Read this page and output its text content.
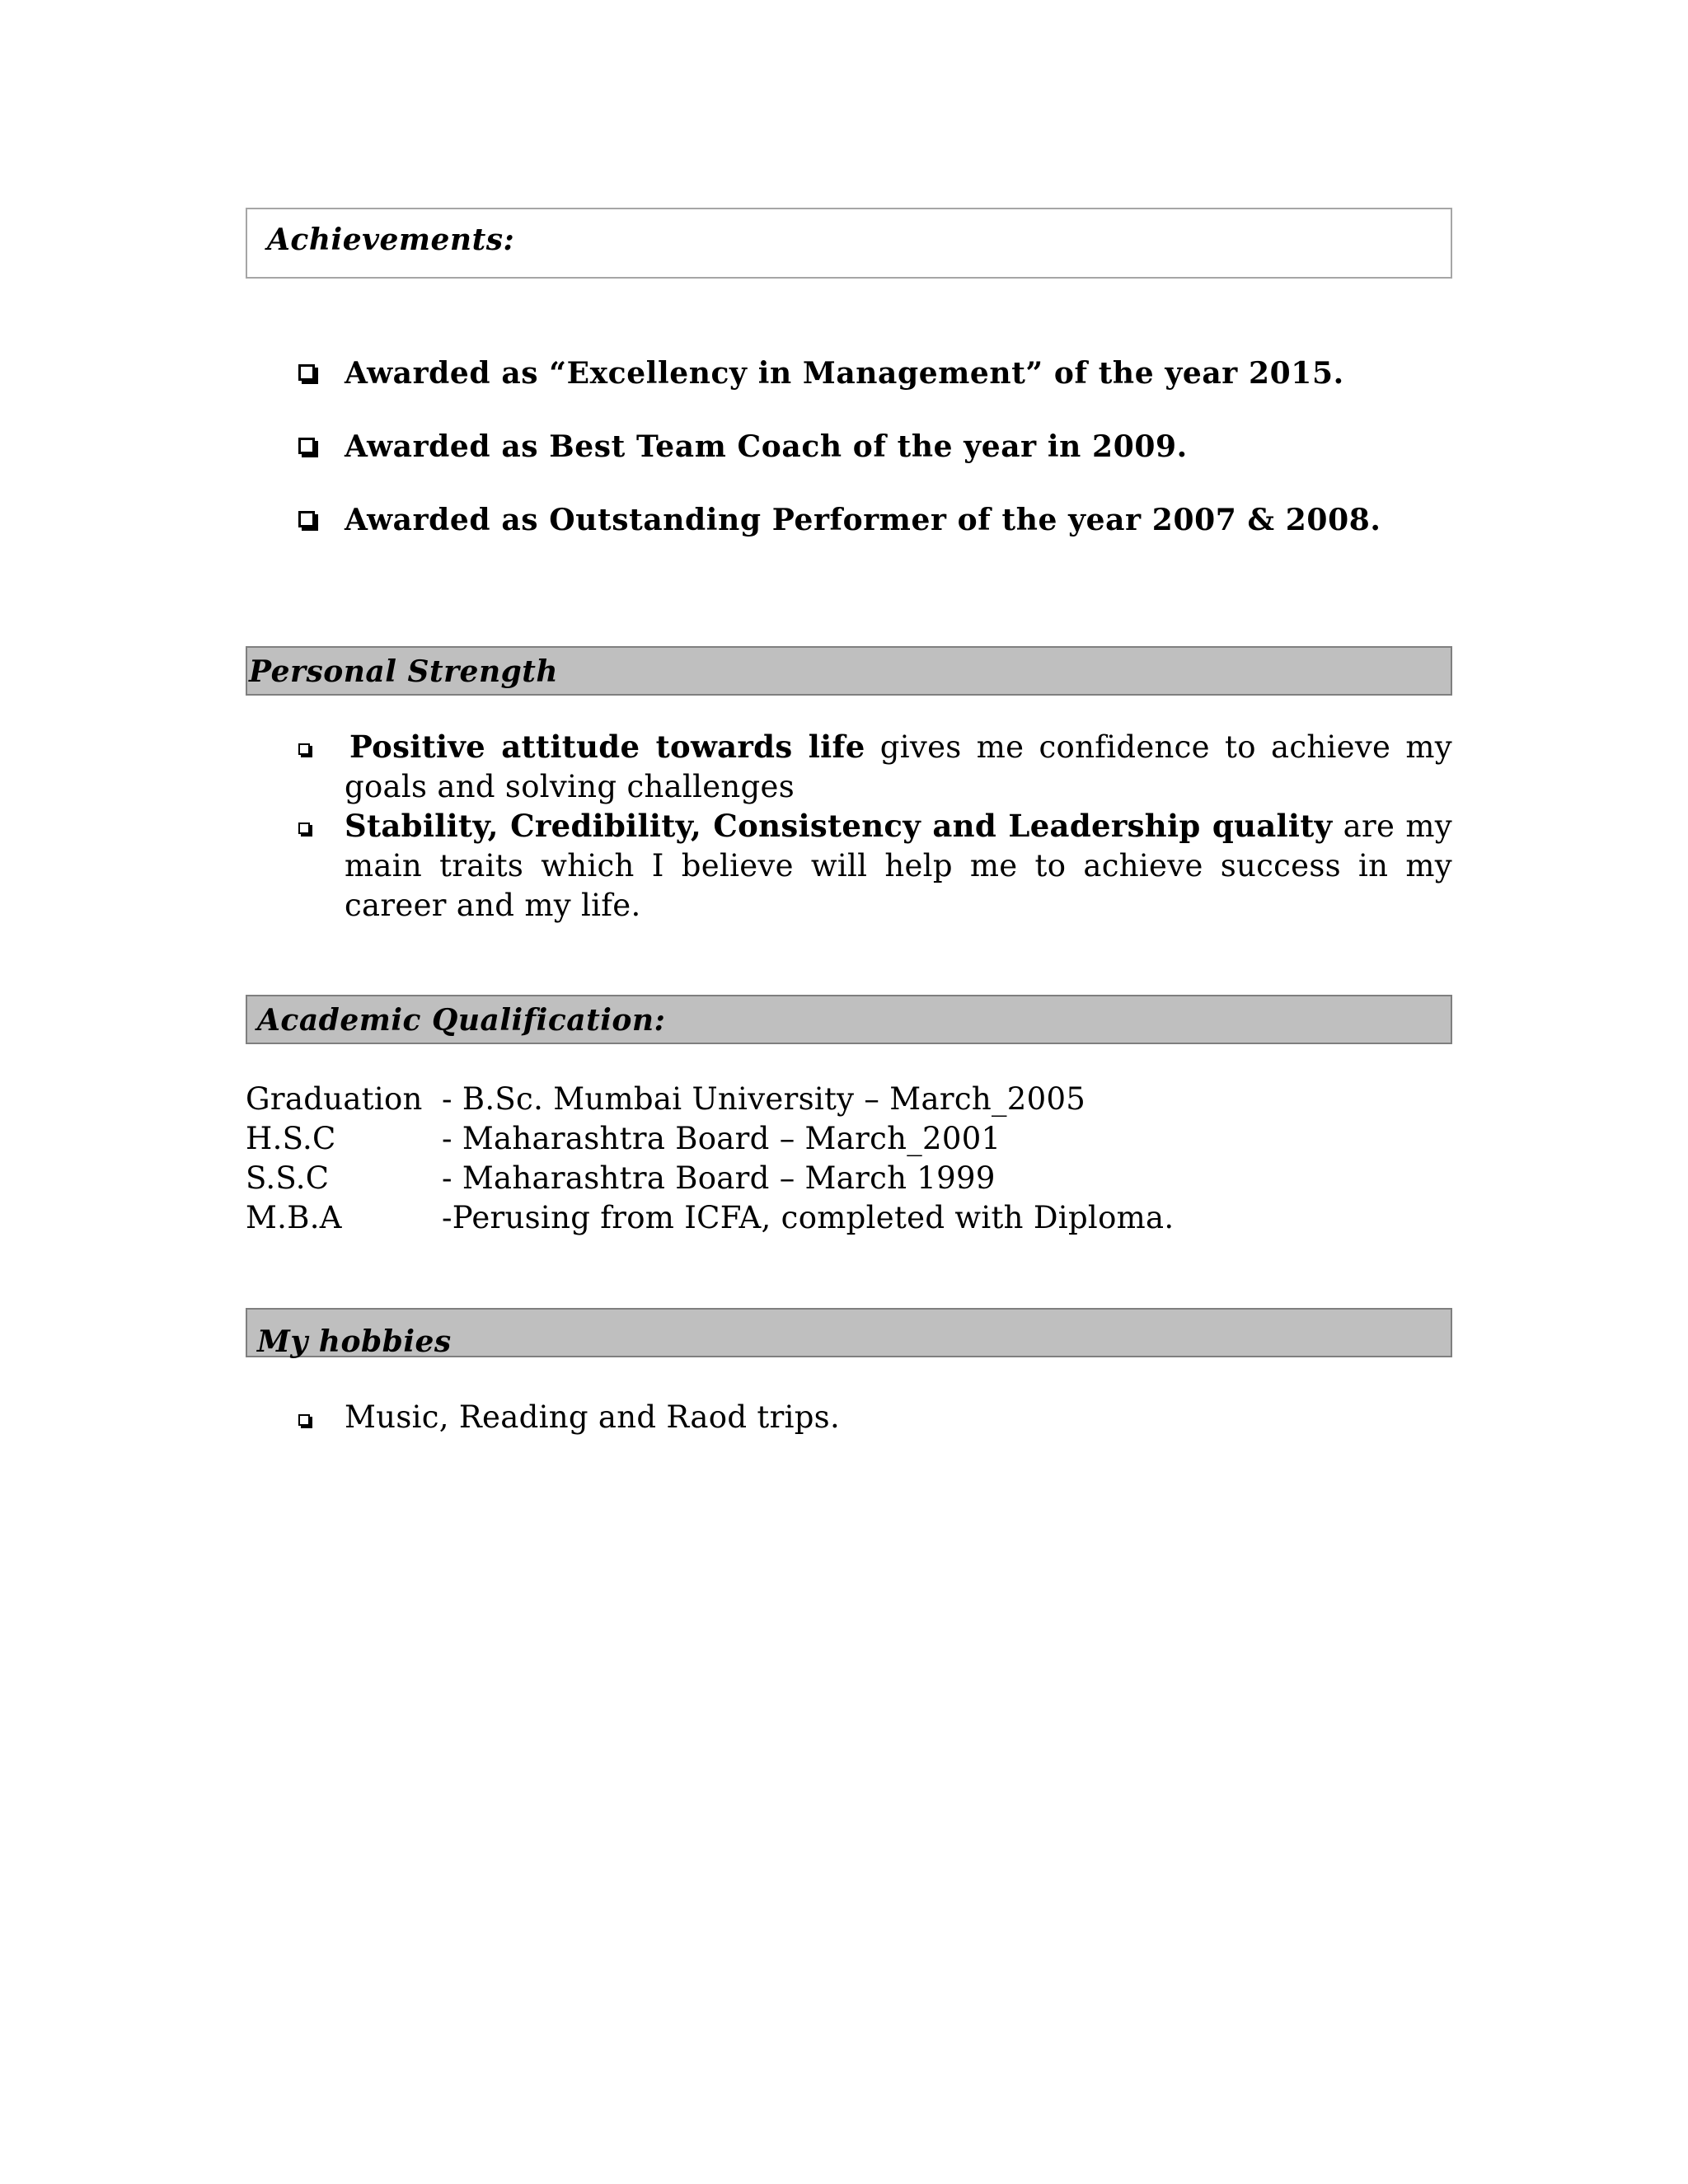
Achievements:
Awarded as “Excellency in Management” of the year 2015.
Awarded as Best Team Coach of the year in 2009.
Awarded as Outstanding Performer of the year 2007 & 2008.
Personal Strength
Positive attitude towards life gives me confidence to achieve my goals and solving challenges
Stability, Credibility, Consistency and Leadership quality are my main traits which I believe will help me to achieve success in my career and my life.
Academic Qualification:
Graduation - B.Sc. Mumbai University – March_2005
H.S.C	- Maharashtra Board – March_2001
S.S.C	- Maharashtra Board – March 1999
M.B.A	-Perusing from ICFA, completed with Diploma.
My hobbies
Music, Reading and Raod trips.
